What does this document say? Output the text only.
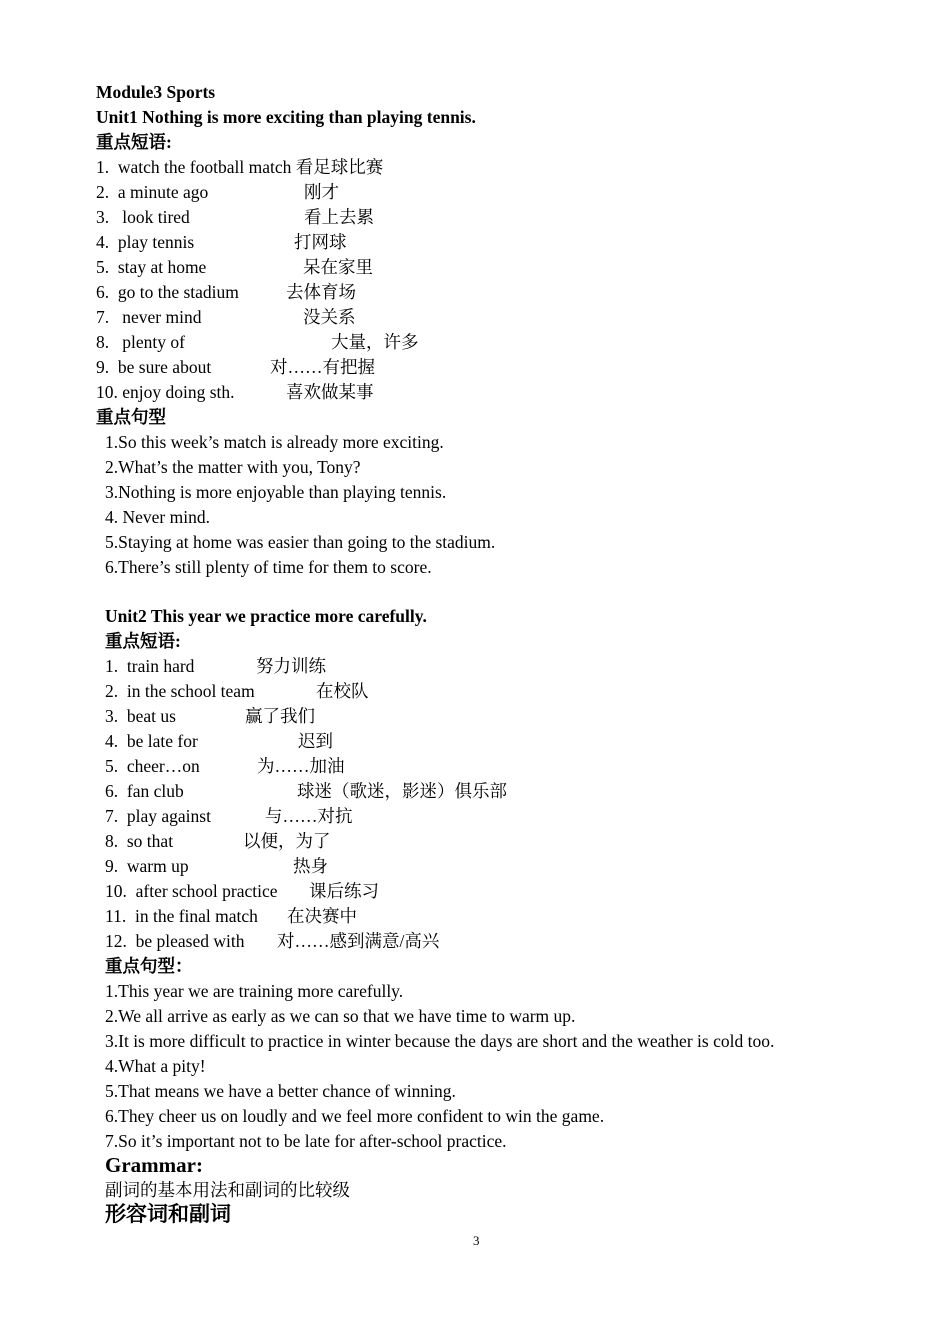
Module3 Sports
Unit1 Nothing is more exciting than playing tennis.
重点短语:
1. watch the football match 看足球比赛
2. a minute ago	刚才
3.   look tired	看上去累
4. play tennis	打网球
5. stay at home	呆在家里
6. go to the stadium	去体育场
7.   never mind	没关系
8.   plenty of	大量，许多
9. be sure about	对……有把握
10. enjoy doing sth.	喜欢做某事
重点句型
1.So this week’s match is already more exciting.
2.What’s the matter with you, Tony?
3.Nothing is more enjoyable than playing tennis.
4. Never mind.
5.Staying at home was easier than going to the stadium.
6.There’s still plenty of time for them to score.
Unit2 This year we practice more carefully.
重点短语:
1. train hard	努力训练
2. in the school team	在校队
3. beat us	赢了我们
4. be late for	迟到
5. cheer…on	为……加油
6. fan club	球迷（歌迷，影迷）俱乐部
7. play against	与……对抗
8. so that	以便，为了
9. warm up	热身
10. after school practice 课后练习
11. in the final match 在决赛中
12. be pleased with 对……感到满意/高兴
重点句型：
1.This year we are training more carefully.
2.We all arrive as early as we can so that we have time to warm up.
3.It is more difficult to practice in winter because the days are short and the weather is cold too.
4.What a pity!
5.That means we have a better chance of winning.
6.They cheer us on loudly and we feel more confident to win the game.
7.So it’s important not to be late for after-school practice.
Grammar:
副词的基本用法和副词的比较级
形容词和副词
3
